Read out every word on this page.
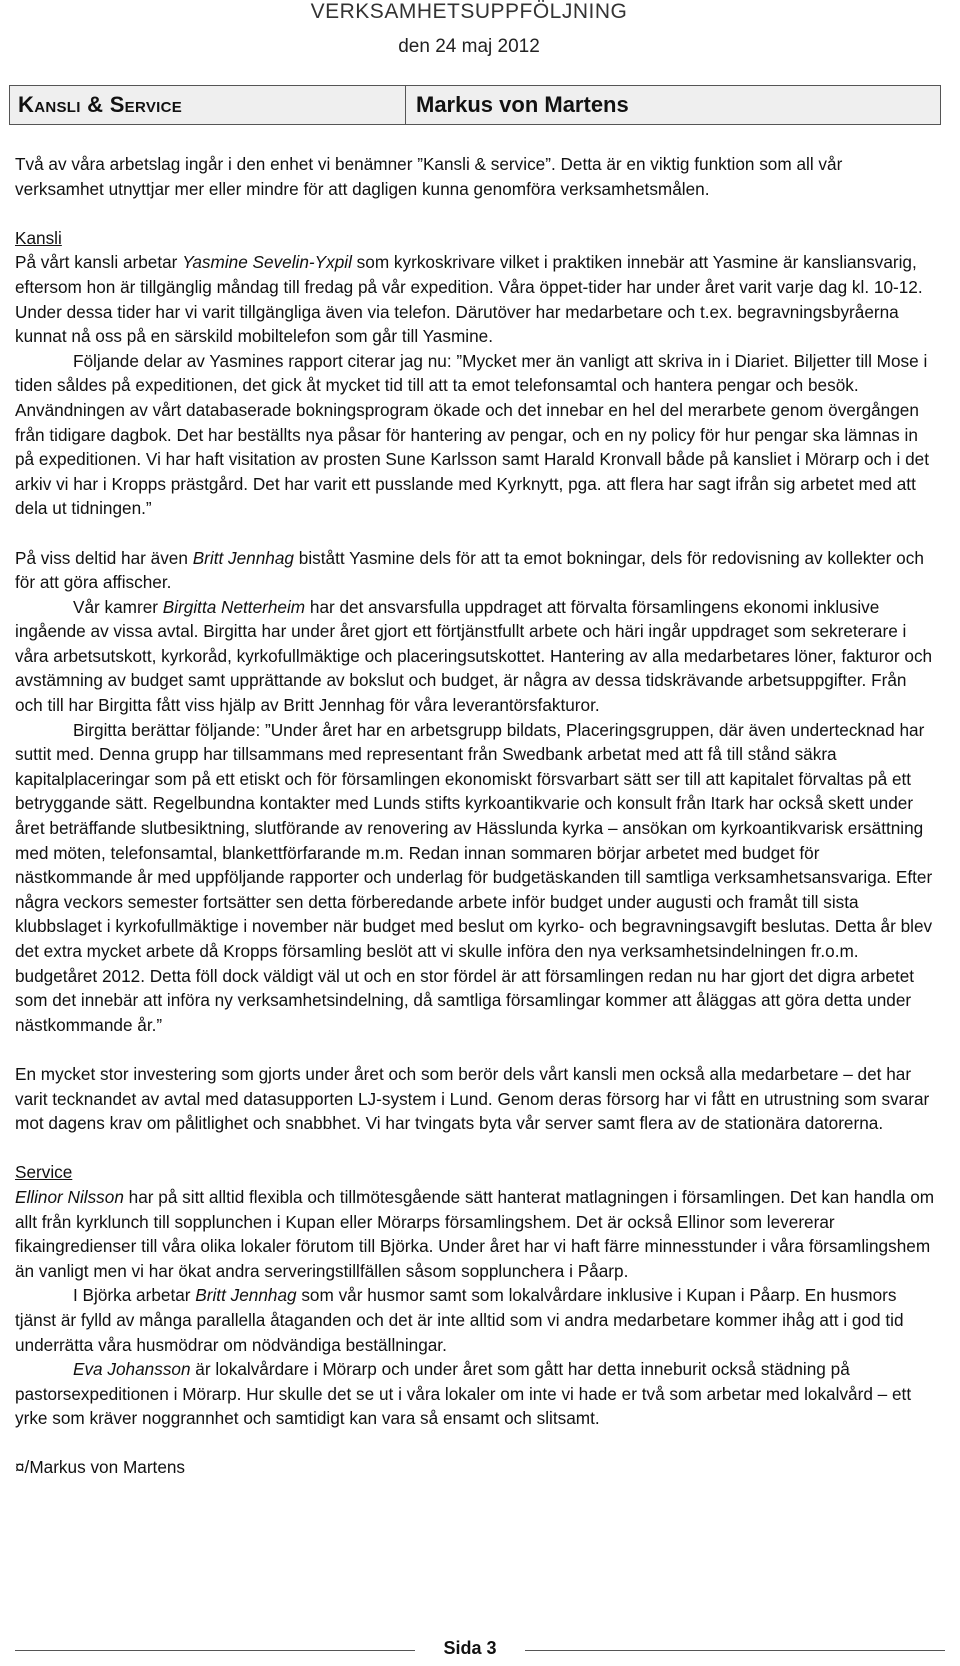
VERKSAMHETSUPPFÖLJNING
den 24 maj 2012
Kansli & Service	Markus von Martens

Två av våra arbetslag ingår i den enhet vi benämner ”Kansli & service”. Detta är en viktig funktion som all vår verksamhet utnyttjar mer eller mindre för att dagligen kunna genomföra verksamhetsmålen.

Kansli

På vårt kansli arbetar Yasmine Sevelin-Yxpil som kyrkoskrivare vilket i praktiken innebär att Yasmine är kansliansvarig, eftersom hon är tillgänglig måndag till fredag på vår expedition. Våra öppet-tider har under året varit varje dag kl. 10-12. Under dessa tider har vi varit tillgängliga även via telefon. Därutöver har medarbetare och t.ex. begravningsbyråerna kunnat nå oss på en särskild mobiltelefon som går till Yasmine.

Följande delar av Yasmines rapport citerar jag nu: ”Mycket mer än vanligt att skriva in i Diariet. Biljetter till Mose i tiden såldes på expeditionen, det gick åt mycket tid till att ta emot telefonsamtal och hantera pengar och besök. Användningen av vårt databaserade bokningsprogram ökade och det innebar en hel del merarbete genom övergången från tidigare dagbok. Det har beställts nya påsar för hantering av pengar, och en ny policy för hur pengar ska lämnas in på expeditionen. Vi har haft visitation av prosten Sune Karlsson samt Harald Kronvall både på kansliet i Mörarp och i det arkiv vi har i Kropps prästgård. Det har varit ett pusslande med Kyrknytt, pga. att flera har sagt ifrån sig arbetet med att dela ut tidningen.”

På viss deltid har även Britt Jennhag bistått Yasmine dels för att ta emot bokningar, dels för redovisning av kollekter och för att göra affischer.

Vår kamrer Birgitta Netterheim har det ansvarsfulla uppdraget att förvalta församlingens ekonomi inklusive ingående av vissa avtal. Birgitta har under året gjort ett förtjänstfullt arbete och häri ingår uppdraget som sekreterare i våra arbetsutskott, kyrkoråd, kyrkofullmäktige och placeringsutskottet. Hantering av alla medarbetares löner, fakturor och avstämning av budget samt upprättande av bokslut och budget, är några av dessa tidskrävande arbetsuppgifter. Från och till har Birgitta fått viss hjälp av Britt Jennhag för våra leverantörsfakturor.

Birgitta berättar följande: ”Under året har en arbetsgrupp bildats, Placeringsgruppen, där även undertecknad har suttit med. Denna grupp har tillsammans med representant från Swedbank arbetat med att få till stånd säkra kapitalplaceringar som på ett etiskt och för församlingen ekonomiskt försvarbart sätt ser till att kapitalet förvaltas på ett betryggande sätt. Regelbundna kontakter med Lunds stifts kyrkoantikvarie och konsult från Itark har också skett under året beträffande slutbesiktning, slutförande av renovering av Hässlunda kyrka – ansökan om kyrkoantikvarisk ersättning med möten, telefonsamtal, blankettförfarande m.m. Redan innan sommaren börjar arbetet med budget för nästkommande år med uppföljande rapporter och underlag för budgetäskanden till samtliga verksamhetsansvariga. Efter några veckors semester fortsätter sen detta förberedande arbete inför budget under augusti och framåt till sista klubbslaget i kyrkofullmäktige i november när budget med beslut om kyrko- och begravningsavgift beslutas. Detta år blev det extra mycket arbete då Kropps församling beslöt att vi skulle införa den nya verksamhetsindelningen fr.o.m. budgetåret 2012. Detta föll dock väldigt väl ut och en stor fördel är att församlingen redan nu har gjort det digra arbetet som det innebär att införa ny verksamhetsindelning, då samtliga församlingar kommer att åläggas att göra detta under nästkommande år.”

En mycket stor investering som gjorts under året och som berör dels vårt kansli men också alla medarbetare – det har varit tecknandet av avtal med datasupporten LJ-system i Lund. Genom deras försorg har vi fått en utrustning som svarar mot dagens krav om pålitlighet och snabbhet. Vi har tvingats byta vår server samt flera av de stationära datorerna.

Service

Ellinor Nilsson har på sitt alltid flexibla och tillmötesgående sätt hanterat matlagningen i församlingen. Det kan handla om allt från kyrklunch till sopplunchen i Kupan eller Mörarps församlingshem. Det är också Ellinor som levererar fikaingredienser till våra olika lokaler förutom till Björka. Under året har vi haft färre minnesstunder i våra församlingshem än vanligt men vi har ökat andra serveringstillfällen såsom sopplunchera i Påarp.

I Björka arbetar Britt Jennhag som vår husmor samt som lokalvårdare inklusive i Kupan i Påarp. En husmors tjänst är fylld av många parallella åtaganden och det är inte alltid som vi andra medarbetare kommer ihåg att i god tid underrätta våra husmödrar om nödvändiga beställningar.

Eva Johansson är lokalvårdare i Mörarp och under året som gått har detta inneburit också städning på pastorsexpeditionen i Mörarp. Hur skulle det se ut i våra lokaler om inte vi hade er två som arbetar med lokalvård – ett yrke som kräver noggrannhet och samtidigt kan vara så ensamt och slitsamt.

¤/Markus von Martens

Sida 3
